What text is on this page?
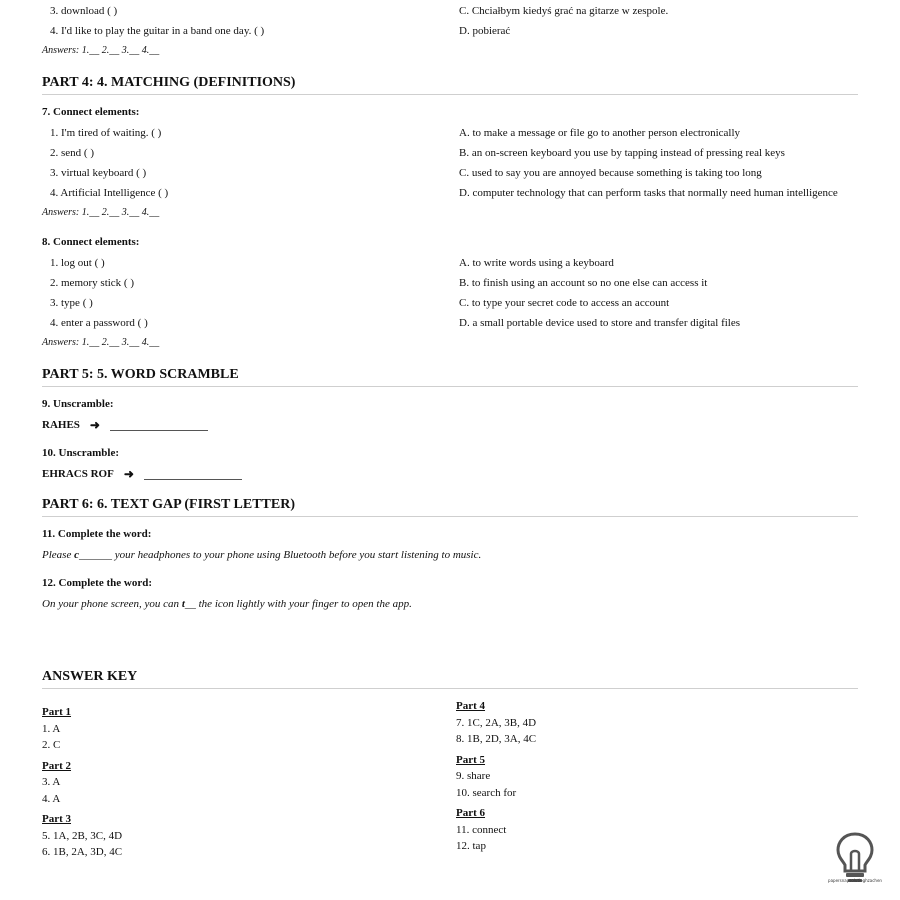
3. download ( )	C. Chciałbym kiedyś grać na gitarze w zespole.
4. I'd like to play the guitar in a band one day. ( )	D. pobierać
Answers: 1.__ 2.__ 3.__ 4.__
PART 4: 4. MATCHING (DEFINITIONS)
7. Connect elements:
1. I'm tired of waiting. ( )	A. to make a message or file go to another person electronically
2. send ( )	B. an on-screen keyboard you use by tapping instead of pressing real keys
3. virtual keyboard ( )	C. used to say you are annoyed because something is taking too long
4. Artificial Intelligence ( )	D. computer technology that can perform tasks that normally need human intelligence
Answers: 1.__ 2.__ 3.__ 4.__
8. Connect elements:
1. log out ( )	A. to write words using a keyboard
2. memory stick ( )	B. to finish using an account so no one else can access it
3. type ( )	C. to type your secret code to access an account
4. enter a password ( )	D. a small portable device used to store and transfer digital files
Answers: 1.__ 2.__ 3.__ 4.__
PART 5: 5. WORD SCRAMBLE
9. Unscramble:
RAHES ➜
10. Unscramble:
EHRACS ROF ➜
PART 6: 6. TEXT GAP (FIRST LETTER)
11. Complete the word:
Please c______ your headphones to your phone using Bluetooth before you start listening to music.
12. Complete the word:
On your phone screen, you can t__ the icon lightly with your finger to open the app.
ANSWER KEY
Part 1
1. A
2. C
Part 2
3. A
4. A
Part 3
5. 1A, 2B, 3C, 4D
6. 1B, 2A, 3D, 4C
Part 4
7. 1C, 2A, 3B, 4D
8. 1B, 2D, 3A, 4C
Part 5
9. share
10. search for
Part 6
11. connect
12. tap
papersnapsolutioghzachen
